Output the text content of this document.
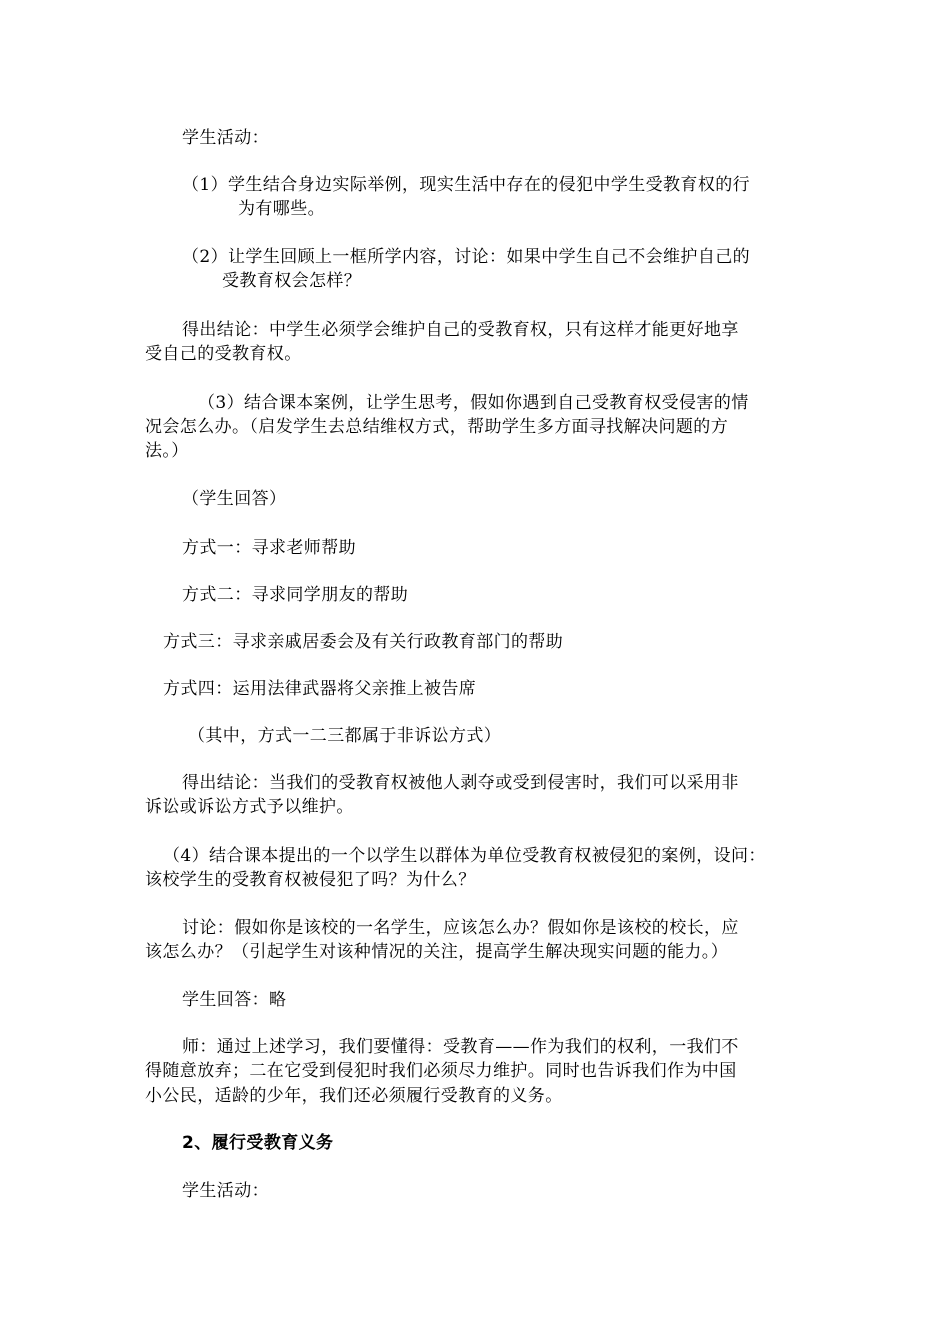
学生活动：
（1）学生结合身边实际举例，现实生活中存在的侵犯中学生受教育权的行
为有哪些。
（2）让学生回顾上一框所学内容，讨论：如果中学生自己不会维护自己的
受教育权会怎样？
得出结论：中学生必须学会维护自己的受教育权，只有这样才能更好地享
受自己的受教育权。
（3）结合课本案例，让学生思考，假如你遇到自己受教育权受侵害的情
况会怎么办。（启发学生去总结维权方式，帮助学生多方面寻找解决问题的方
法。）
（学生回答）
方式一：寻求老师帮助
方式二：寻求同学朋友的帮助
方式三：寻求亲戚居委会及有关行政教育部门的帮助
方式四：运用法律武器将父亲推上被告席
（其中，方式一二三都属于非诉讼方式）
得出结论：当我们的受教育权被他人剥夺或受到侵害时，我们可以采用非
诉讼或诉讼方式予以维护。
（4）结合课本提出的一个以学生以群体为单位受教育权被侵犯的案例，设问：
该校学生的受教育权被侵犯了吗？为什么？
讨论：假如你是该校的一名学生，应该怎么办？假如你是该校的校长，应
该怎么办？（引起学生对该种情况的关注，提高学生解决现实问题的能力。）
学生回答：略
师：通过上述学习，我们要懂得：受教育——作为我们的权利，一我们不
得随意放弃；二在它受到侵犯时我们必须尽力维护。同时也告诉我们作为中国
小公民，适龄的少年，我们还必须履行受教育的义务。
2、履行受教育义务
学生活动：
